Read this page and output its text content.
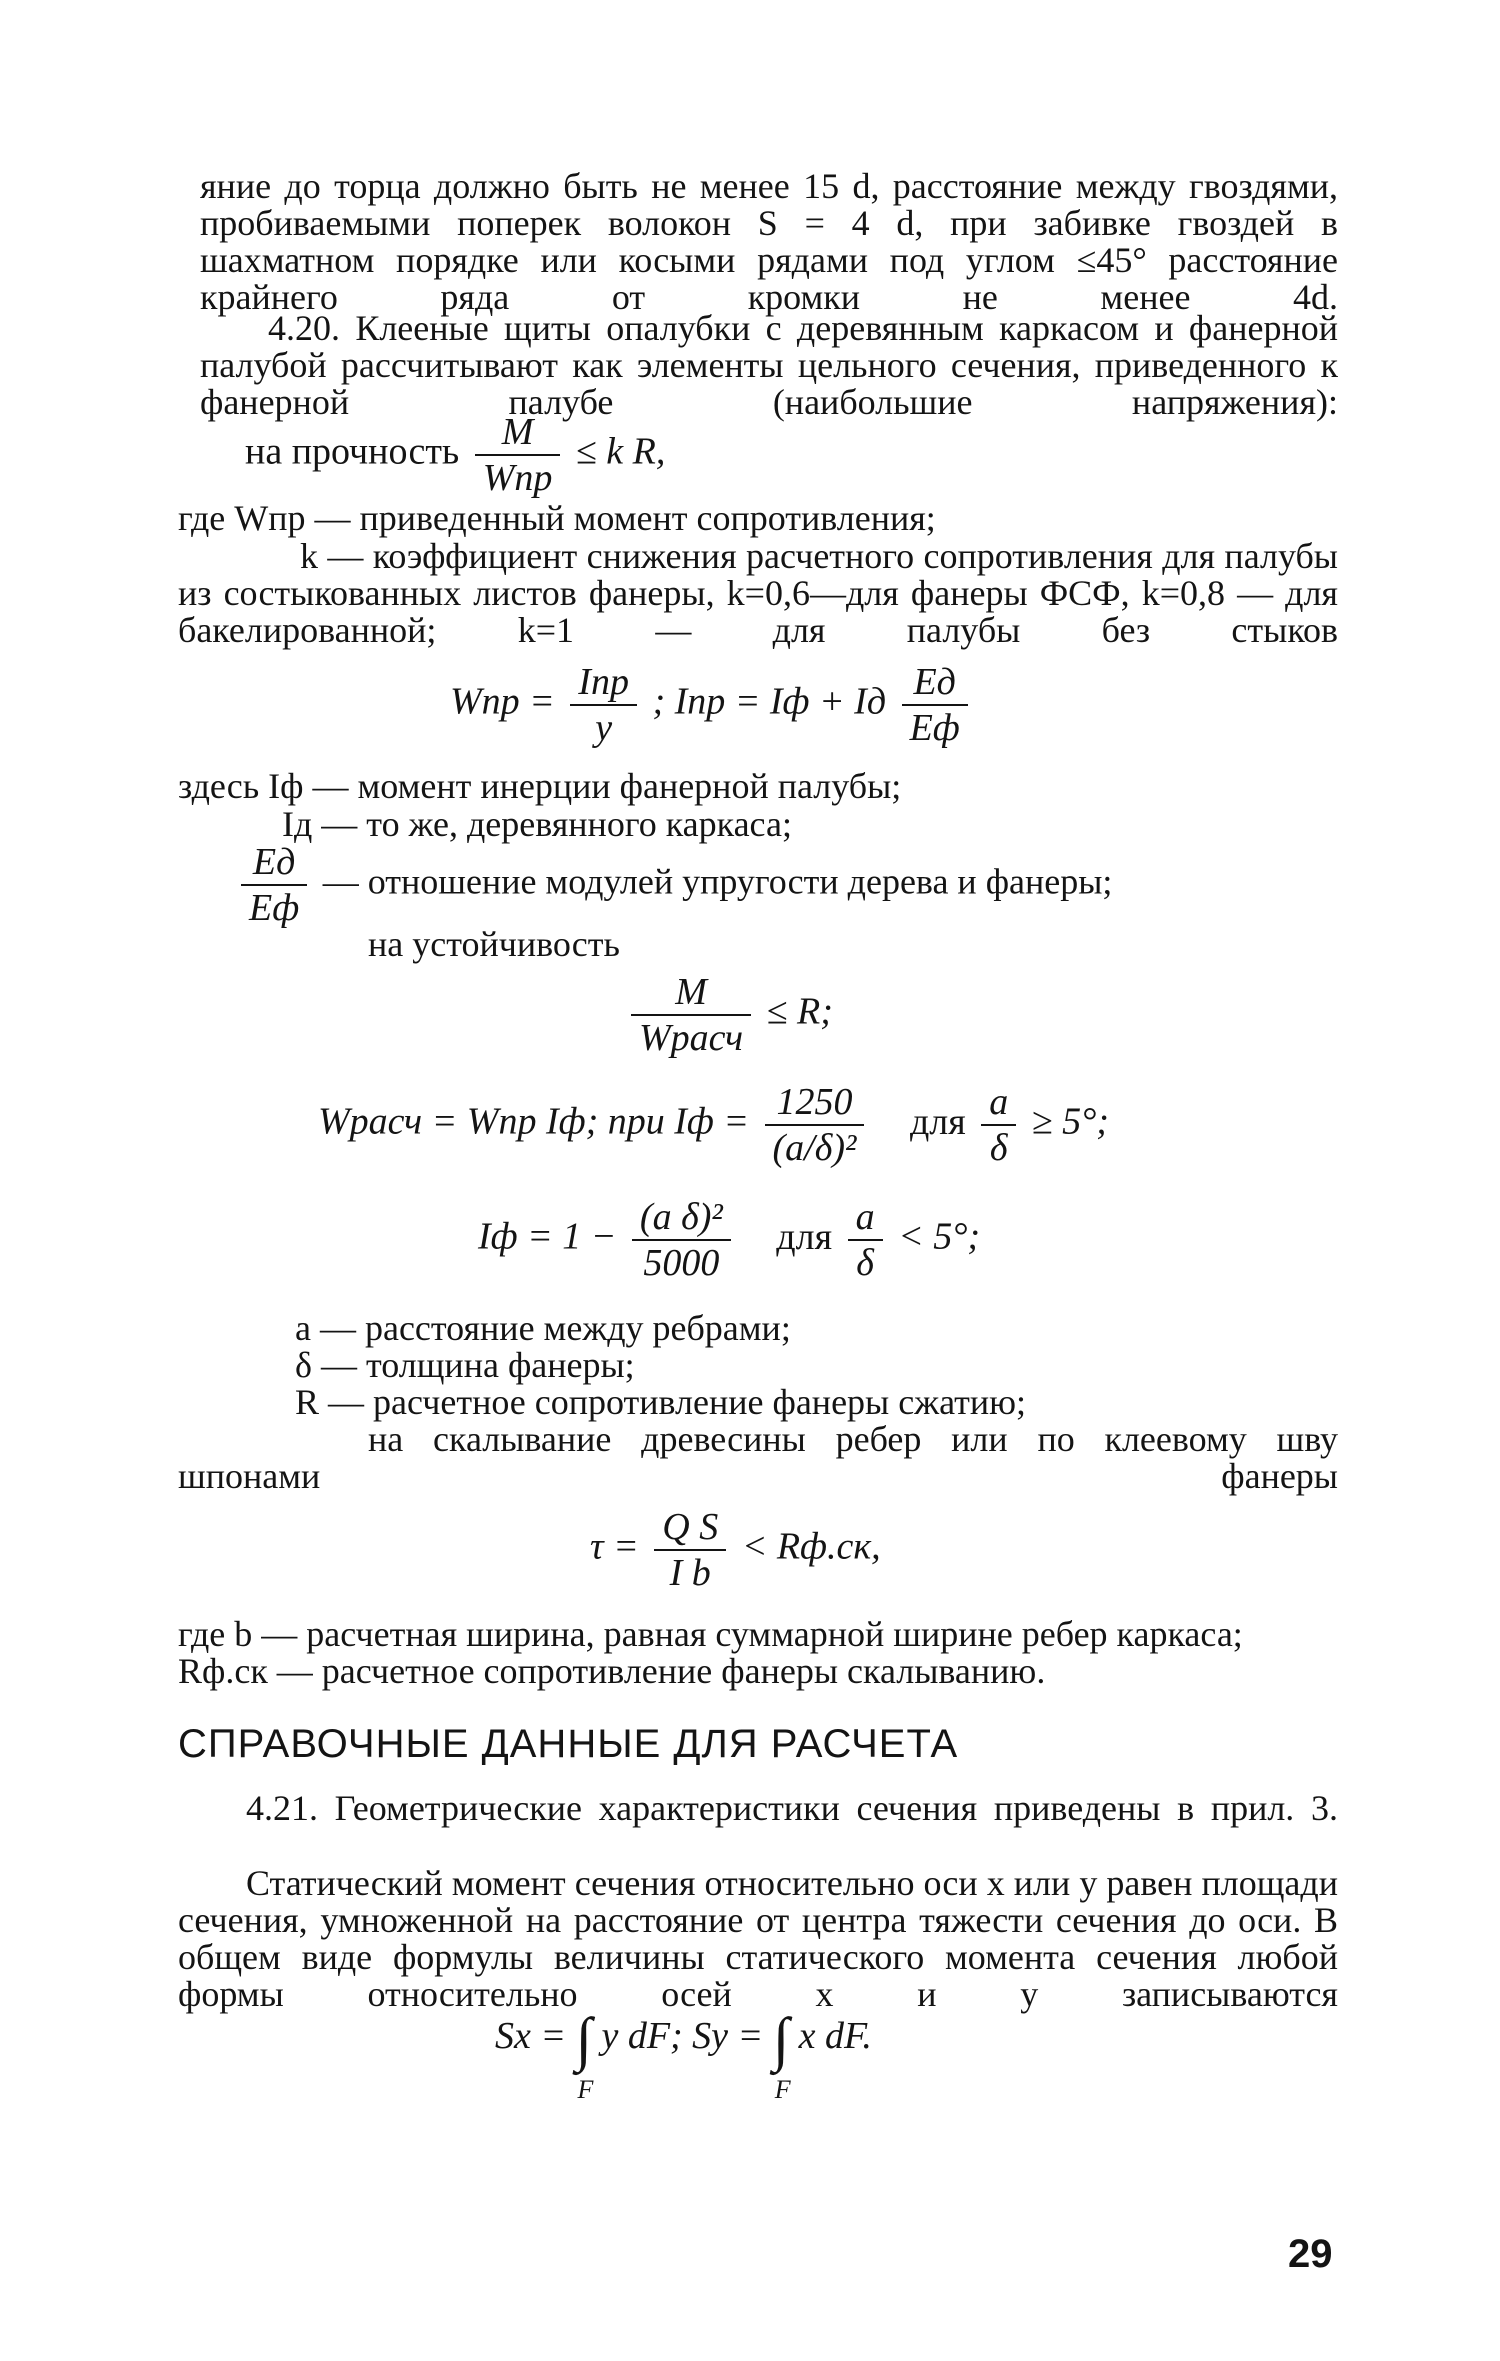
яние до торца должно быть не менее 15 d, расстояние между гвоздями, пробиваемыми поперек волокон S = 4 d, при забивке гвоздей в шахматном порядке или косыми рядами под углом ≤45° расстояние крайнего ряда от кромки не менее 4d.
4.20. Клееные щиты опалубки с деревянным каркасом и фанерной палубой рассчитывают как элементы цельного сечения, приведенного к фанерной палубе (наибольшие напряжения):
на прочность	M
Wпр
≤ k R,
где Wпр — приведенный момент сопротивления;
k — коэффициент снижения расчетного сопротивления для палубы из состыкованных листов фанеры, k=0,6—для фанеры ФСФ, k=0,8 — для бакелированной; k=1 — для палубы без стыков
Wпр = Iпр
y
; Iпр = Iф + Iд Eд
Eф
здесь Iф — момент инерции фанерной палубы;
Iд — то же, деревянного каркаса;
Eд
Eф
— отношение модулей упругости дерева и фанеры;
на устойчивость
M
Wрасч
≤ R;
Wрасч = Wпр Iф; при Iф = $\frac{1250}{\text{(a/δ)²}}$ для $\frac{a}{\delta} \ge 5^\circ$;
Iф = $1 - \frac{\text{(a δ)²}}{5000}$ для $\frac{a}{\delta} < 5^\circ$;
a — расстояние между ребрами;
δ — толщина фанеры;
R — расчетное сопротивление фанеры сжатию;
на скалывание древесины ребер или по клеевому шву шпонами фанеры
$\tau = \frac{\text{Q S}}{\text{I b}} < Rф.ск$,
где b — расчетная ширина, равная суммарной ширине ребер каркаса;
Rф.ск — расчетное сопротивление фанеры скалыванию.
СПРАВОЧНЫЕ ДАННЫЕ ДЛЯ РАСЧЕТА
4.21. Геометрические характеристики сечения приведены в прил. 3.
Статический момент сечения относительно оси x или y равен площади сечения, умноженной на расстояние от центра тяжести сечения до оси. В общем виде формулы величины статического момента сечения любой формы относительно осей x и y записываются
Sx = ∫
F
y dF; Sy = ∫
F
x dF.
29
